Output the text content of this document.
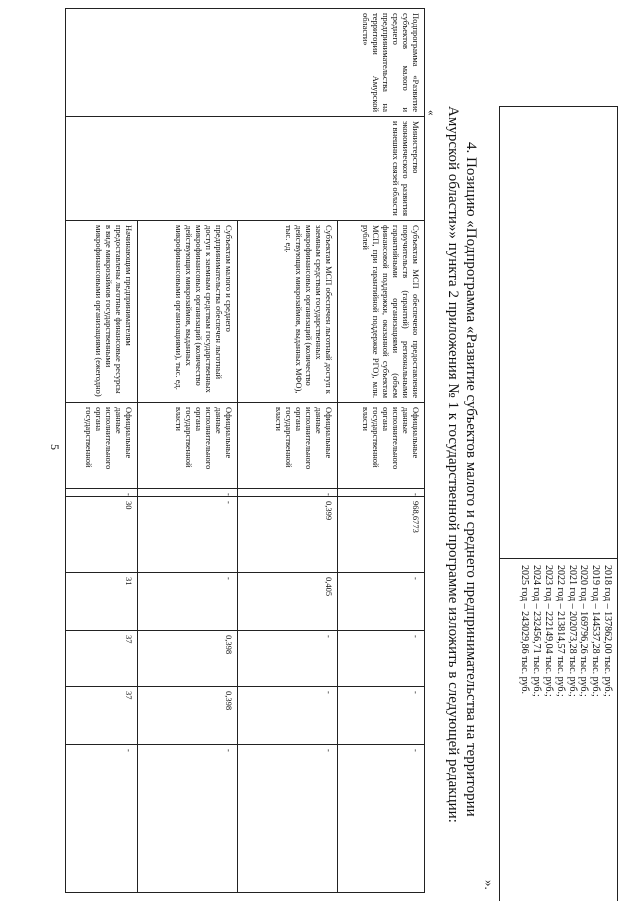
5
2018 год – 137862,00 тыс. руб.;
2019 год – 144537,28 тыс. руб.;
2020 год – 169796,26 тыс. руб.;
2021 год – 202073,28 тыс. руб.;
2022 год – 213814,57 тыс. руб.;
2023 год – 222149,04 тыс. руб.;
2024 год – 232456,71 тыс. руб.;
2025 год – 243029,86 тыс. руб.
».
4. Позицию «Подпрограмма «Развитие субъектов малого и среднего предпринимательства на территории
Амурской области»» пункта 2 приложения № 1 к государственной программе изложить в следующей редакции:
«
Подпрограмма «Развитие субъектов малого и среднего предпринимательства на территории Амурской области»	Министерство экономического развития и внешних связей области	Субъектам МСП обеспечено предоставление поручительств (гарантий) региональными гарантийными организациями (объем финансовой поддержки, оказанной субъектам МСП, при гарантийной поддержке РГО), млн. рублей	Официальные данные исполнительного органа государственной власти	-	968,6773	-	-	-	-
		Субъектам МСП обеспечен льготный доступ к заемным средствам государственных микрофинансовых организаций (количество действующих микрозаймов, выданных МФО), тыс. ед.	Официальные данные исполнительного органа государственной власти	-	0,399	0,405	-	-	-
		Субъектам малого и среднего предпринимательства обеспечен льготный доступ к заемным средствам государственных микрофинансовых организаций (количество действующих микрозаймов, выданных микрофинансовыми организациями), тыс. ед.	Официальные данные исполнительного органа государственной власти	-	-	-	0,398	0,398	-
		Начинающим предпринимателям предоставлены льготные финансовые ресурсы в виде микрозаймов государственными микрофинансовыми организациями (ежегодно)	Официальные данные исполнительного органа государственной	-	30	31	37	37	-
